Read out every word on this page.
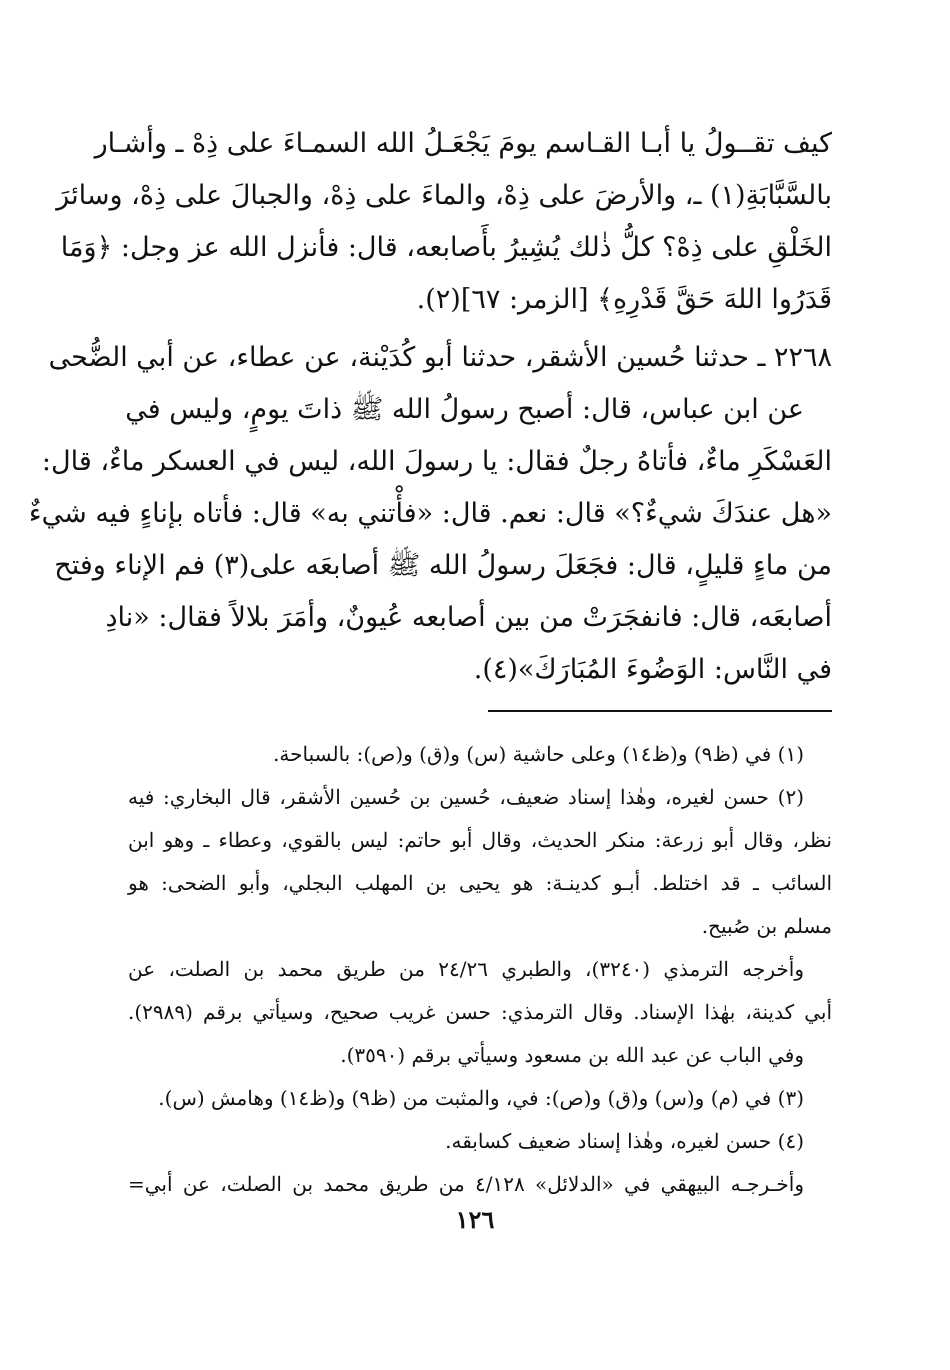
كيف تقــولُ يا أبـا القـاسم يومَ يَجْعَـلُ الله السمـاءَ على ذِهْ ـ وأشـار
بالسَّبَّابَةِ(١) ـ، والأرضَ على ذِهْ، والماءَ على ذِهْ، والجبالَ على ذِهْ، وسائرَ
الخَلْقِ على ذِهْ؟ كلُّ ذٰلك يُشِيرُ بأَصابعه، قال: فأنزل الله عز وجل: ﴿وَمَا
قَدَرُوا اللهَ حَقَّ قَدْرِهِ﴾ [الزمر: ٦٧](٢).
٢٢٦٨ ـ حدثنا حُسين الأشقر، حدثنا أبو كُدَيْنة، عن عطاء، عن أبي الضُّحى
عن ابن عباس، قال: أصبح رسولُ الله ﷺ ذاتَ يومٍ، وليس في
العَسْكَرِ ماءٌ، فأتاهُ رجلٌ فقال: يا رسولَ الله، ليس في العسكر ماءٌ، قال:
«هل عندَكَ شيءٌ؟» قال: نعم. قال: «فأْتني به» قال: فأتاه بإناءٍ فيه شيءٌ
من ماءٍ قليلٍ، قال: فجَعَلَ رسولُ الله ﷺ أصابعَه على(٣) فم الإناء وفتح
أصابعَه، قال: فانفجَرَتْ من بين أصابعه عُيونٌ، وأمَرَ بلالاً فقال: «نادِ
في النَّاس: الوَضُوءَ المُبَارَكَ»(٤).
(١) في (ظ٩) و(ظ١٤) وعلى حاشية (س) و(ق) و(ص): بالسباحة.
(٢) حسن لغيره، وهٰذا إسناد ضعيف، حُسين بن حُسين الأشقر، قال البخاري: فيه
نظر، وقال أبو زرعة: منكر الحديث، وقال أبو حاتم: ليس بالقوي، وعطاء ـ وهو ابن
السائب ـ قد اختلط. أبـو كدينـة: هو يحيى بن المهلب البجلي، وأبو الضحى: هو
مسلم بن صُبيح.
وأخرجه الترمذي (٣٢٤٠)، والطبري ٢٤/٢٦ من طريق محمد بن الصلت، عن
أبي كدينة، بهٰذا الإسناد. وقال الترمذي: حسن غريب صحيح، وسيأتي برقم (٢٩٨٩).
وفي الباب عن عبد الله بن مسعود وسيأتي برقم (٣٥٩٠).
(٣) في (م) و(س) و(ق) و(ص): في، والمثبت من (ظ٩) و(ظ١٤) وهامش (س).
(٤) حسن لغيره، وهٰذا إسناد ضعيف كسابقه.
وأخـرجـه البيهقي في «الدلائل» ٤/١٢٨ من طريق محمد بن الصلت، عن أبي=
١٢٦
